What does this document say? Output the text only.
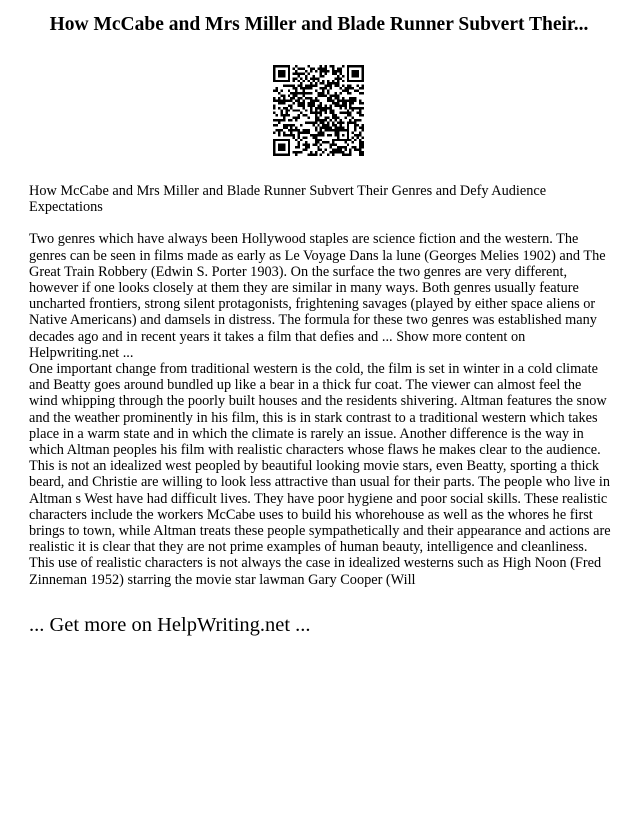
How McCabe and Mrs Miller and Blade Runner Subvert Their...

How McCabe and Mrs Miller and Blade Runner Subvert Their Genres and Defy Audience Expectations

Two genres which have always been Hollywood staples are science fiction and the western. The genres can be seen in films made as early as Le Voyage Dans la lune (Georges Melies 1902) and The Great Train Robbery (Edwin S. Porter 1903). On the surface the two genres are very different, however if one looks closely at them they are similar in many ways. Both genres usually feature uncharted frontiers, strong silent protagonists, frightening savages (played by either space aliens or Native Americans) and damsels in distress. The formula for these two genres was established many decades ago and in recent years it takes a film that defies and ... Show more content on Helpwriting.net ...

One important change from traditional western is the cold, the film is set in winter in a cold climate and Beatty goes around bundled up like a bear in a thick fur coat. The viewer can almost feel the wind whipping through the poorly built houses and the residents shivering. Altman features the snow and the weather prominently in his film, this is in stark contrast to a traditional western which takes place in a warm state and in which the climate is rarely an issue. Another difference is the way in which Altman peoples his film with realistic characters whose flaws he makes clear to the audience. This is not an idealized west peopled by beautiful looking movie stars, even Beatty, sporting a thick beard, and Christie are willing to look less attractive than usual for their parts. The people who live in Altman s West have had difficult lives. They have poor hygiene and poor social skills. These realistic characters include the workers McCabe uses to build his whorehouse as well as the whores he first brings to town, while Altman treats these people sympathetically and their appearance and actions are realistic it is clear that they are not prime examples of human beauty, intelligence and cleanliness. This use of realistic characters is not always the case in idealized westerns such as High Noon (Fred Zinneman 1952) starring the movie star lawman Gary Cooper (Will

... Get more on HelpWriting.net ...
